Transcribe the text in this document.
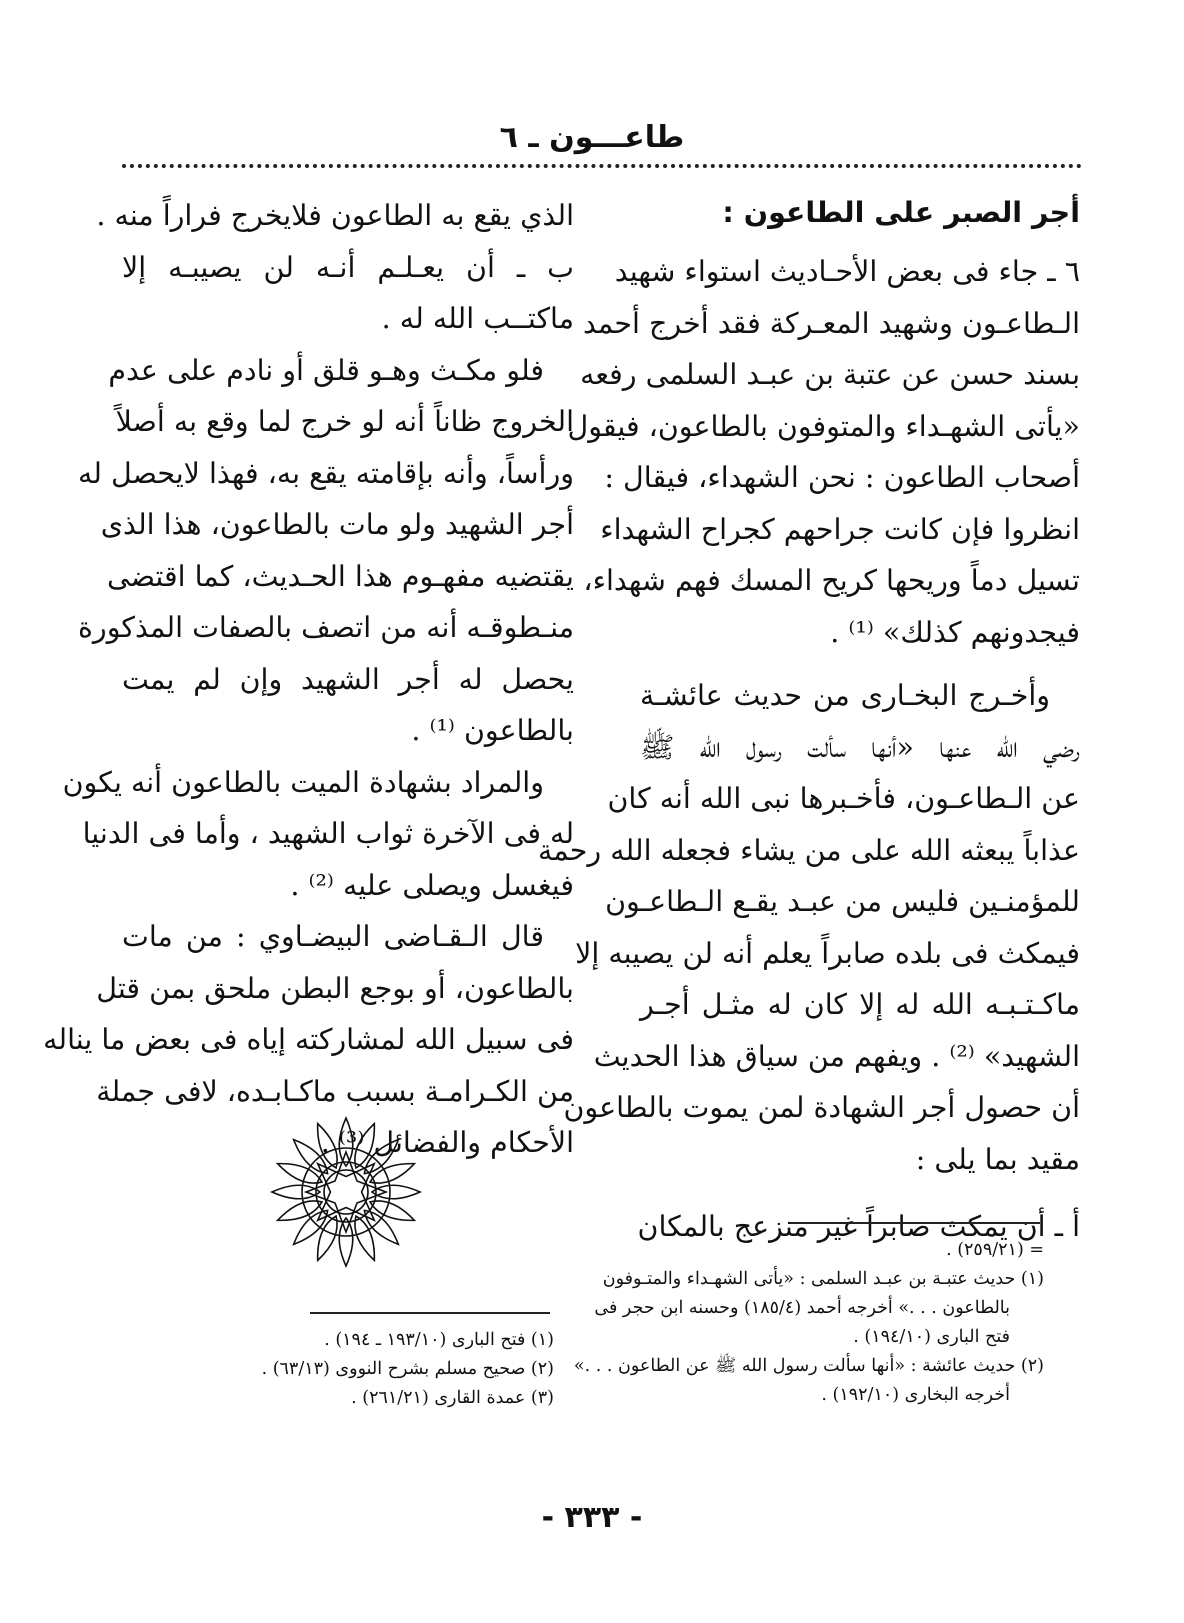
طاعـــون ـ ٦
أجر الصبر على الطاعون :
٦ ـ جاء فى بعض الأحـاديث استواء شهيد
الـطاعـون وشهيد المعـركة فقد أخرج أحمد
بسند حسن عن عتبة بن عبـد السلمى رفعه
«يأتى الشهـداء والمتوفون بالطاعون، فيقول
أصحاب الطاعون : نحن الشهداء، فيقال :
انظروا فإن كانت جراحهم كجراح الشهداء
تسيل دماً وريحها كريح المسك فهم شهداء،
فيجدونهم كذلك» ⁽¹⁾ .
وأخـرج البخـارى من حديث عائشـة
رضي الله عنها «أنها سألت رسول الله ﷺ
عن الـطاعـون، فأخـبرها نبى الله أنه كان
عذاباً يبعثه الله على من يشاء فجعله الله رحمة
للمؤمنـين فليس من عبـد يقـع الـطاعـون
فيمكث فى بلده صابراً يعلم أنه لن يصيبه إلا
ماكـتـبـه الله له إلا كان له مثـل أجـر
الشهيد» ⁽²⁾ . ويفهم من سياق هذا الحديث
أن حصول أجر الشهادة لمن يموت بالطاعون
مقيد بما يلى :
أ ـ أن يمكث صابراً غير منزعج بالمكان
الذي يقع به الطاعون فلايخرج فراراً منه .
ب ـ أن يعـلـم أنـه لن يصيبـه إلا
ماكتــب الله له .
فلو مكـث وهـو قلق أو نادم على عدم
الخروج ظاناً أنه لو خرج لما وقع به أصلاً
ورأساً، وأنه بإقامته يقع به، فهذا لايحصل له
أجر الشهيد ولو مات بالطاعون، هذا الذى
يقتضيه مفهـوم هذا الحـديث، كما اقتضى
منـطوقـه أنه من اتصف بالصفات المذكورة
يحصل له أجر الشهيد وإن لم يمت
بالطاعون ⁽¹⁾ .
والمراد بشهادة الميت بالطاعون أنه يكون
له فى الآخرة ثواب الشهيد ، وأما فى الدنيا
فيغسل ويصلى عليه ⁽²⁾ .
قال الـقـاضى البيضـاوي : من مات
بالطاعون، أو بوجع البطن ملحق بمن قتل
فى سبيل الله لمشاركته إياه فى بعض ما يناله
من الكـرامـة بسبب ماكـابـده، لافى جملة
الأحكام والفضائل ⁽³⁾ .
= (٢٥٩/٢١) .
(١) حديث عتبـة بن عبـد السلمى : «يأتى الشهـداء والمتـوفون
بالطاعون . . .» أخرجه أحمد (١٨٥/٤) وحسنه ابن حجر فى
فتح البارى (١٩٤/١٠) .
(٢) حديث عائشة : «أنها سألت رسول الله ﷺ عن الطاعون . . .»
أخرجه البخارى (١٩٢/١٠) .
(١) فتح البارى (١٩٣/١٠ ـ ١٩٤) .
(٢) صحيح مسلم بشرح النووى (٦٣/١٣) .
(٣) عمدة القارى (٢٦١/٢١) .
- ٣٣٣ -
